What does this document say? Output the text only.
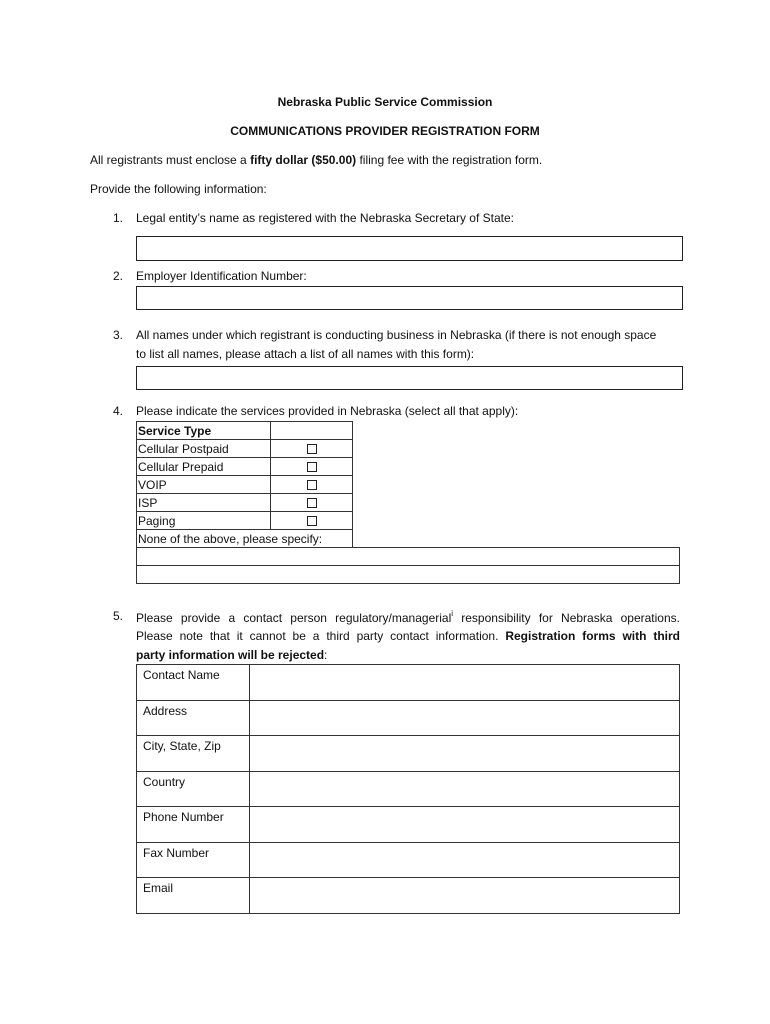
Nebraska Public Service Commission
COMMUNICATIONS PROVIDER REGISTRATION FORM
All registrants must enclose a fifty dollar ($50.00) filing fee with the registration form.
Provide the following information:
1. Legal entity’s name as registered with the Nebraska Secretary of State:
2. Employer Identification Number:
3. All names under which registrant is conducting business in Nebraska (if there is not enough space
to list all names, please attach a list of all names with this form):
4. Please indicate the services provided in Nebraska (select all that apply):
Service Type	
Cellular Postpaid	
Cellular Prepaid	
VOIP	
ISP	
Paging	
None of the above, please specify:	
5. Please provide a contact person regulatory/managerial$^i$ responsibility for Nebraska operations.
Please note that it cannot be a third party contact information. Registration forms with third
party information will be rejected:
Contact Name	
Address	
City, State, Zip	
Country	
Phone Number	
Fax Number	
Email	
